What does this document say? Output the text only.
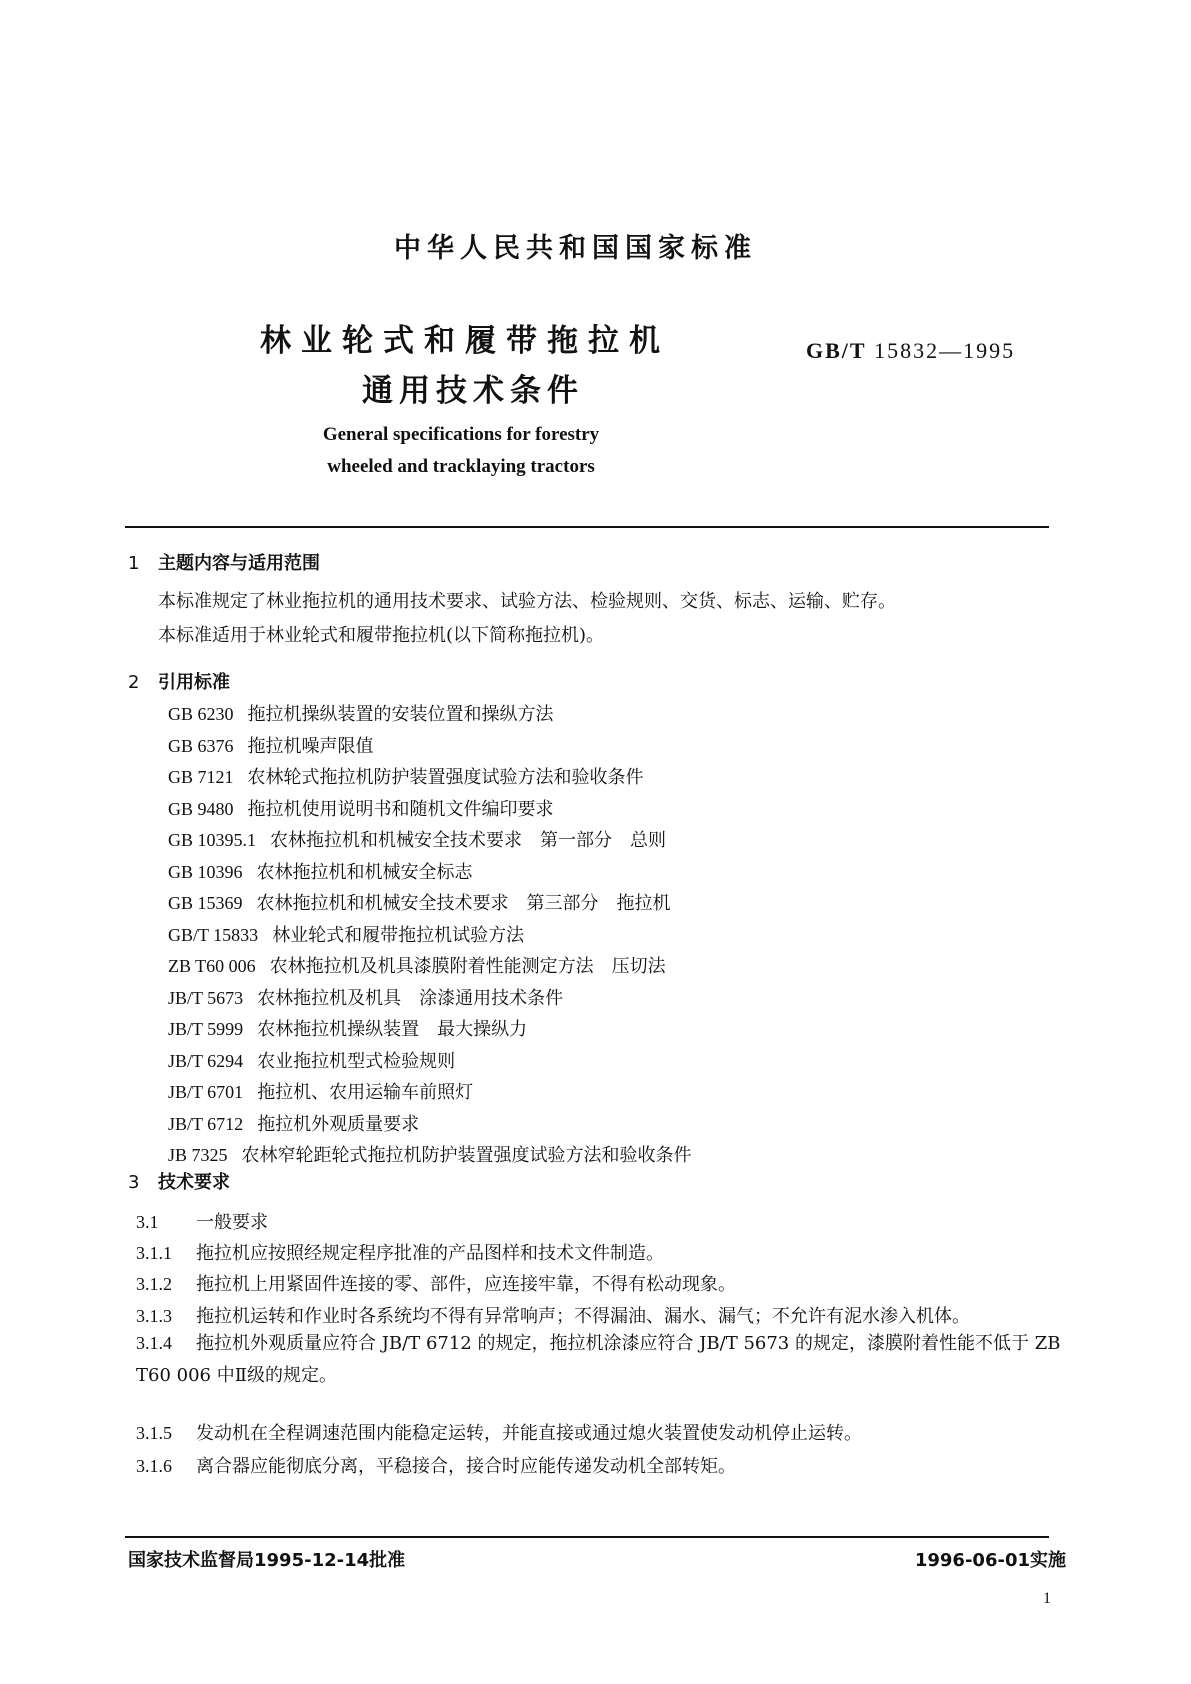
中华人民共和国国家标准
林业轮式和履带拖拉机
通用技术条件
GB/T 15832—1995
General specifications for forestry
wheeled and tracklaying tractors
1 主题内容与适用范围
本标准规定了林业拖拉机的通用技术要求、试验方法、检验规则、交货、标志、运输、贮存。
本标准适用于林业轮式和履带拖拉机(以下简称拖拉机)。
2 引用标准
GB 6230 拖拉机操纵装置的安装位置和操纵方法
GB 6376 拖拉机噪声限值
GB 7121 农林轮式拖拉机防护装置强度试验方法和验收条件
GB 9480 拖拉机使用说明书和随机文件编印要求
GB 10395.1 农林拖拉机和机械安全技术要求　第一部分　总则
GB 10396 农林拖拉机和机械安全标志
GB 15369 农林拖拉机和机械安全技术要求　第三部分　拖拉机
GB/T 15833 林业轮式和履带拖拉机试验方法
ZB T60 006 农林拖拉机及机具漆膜附着性能测定方法　压切法
JB/T 5673 农林拖拉机及机具　涂漆通用技术条件
JB/T 5999 农林拖拉机操纵装置　最大操纵力
JB/T 6294 农业拖拉机型式检验规则
JB/T 6701 拖拉机、农用运输车前照灯
JB/T 6712 拖拉机外观质量要求
JB 7325 农林窄轮距轮式拖拉机防护装置强度试验方法和验收条件
3 技术要求
3.1 一般要求
3.1.1 拖拉机应按照经规定程序批准的产品图样和技术文件制造。
3.1.2 拖拉机上用紧固件连接的零、部件，应连接牢靠，不得有松动现象。
3.1.3 拖拉机运转和作业时各系统均不得有异常响声；不得漏油、漏水、漏气；不允许有泥水渗入机体。
3.1.4 拖拉机外观质量应符合 JB/T 6712 的规定，拖拉机涂漆应符合 JB/T 5673 的规定，漆膜附着性能不低于 ZB T60 006 中Ⅱ级的规定。
3.1.5 发动机在全程调速范围内能稳定运转，并能直接或通过熄火装置使发动机停止运转。
3.1.6 离合器应能彻底分离，平稳接合，接合时应能传递发动机全部转矩。
国家技术监督局1995-12-14批准	1996-06-01实施
1
